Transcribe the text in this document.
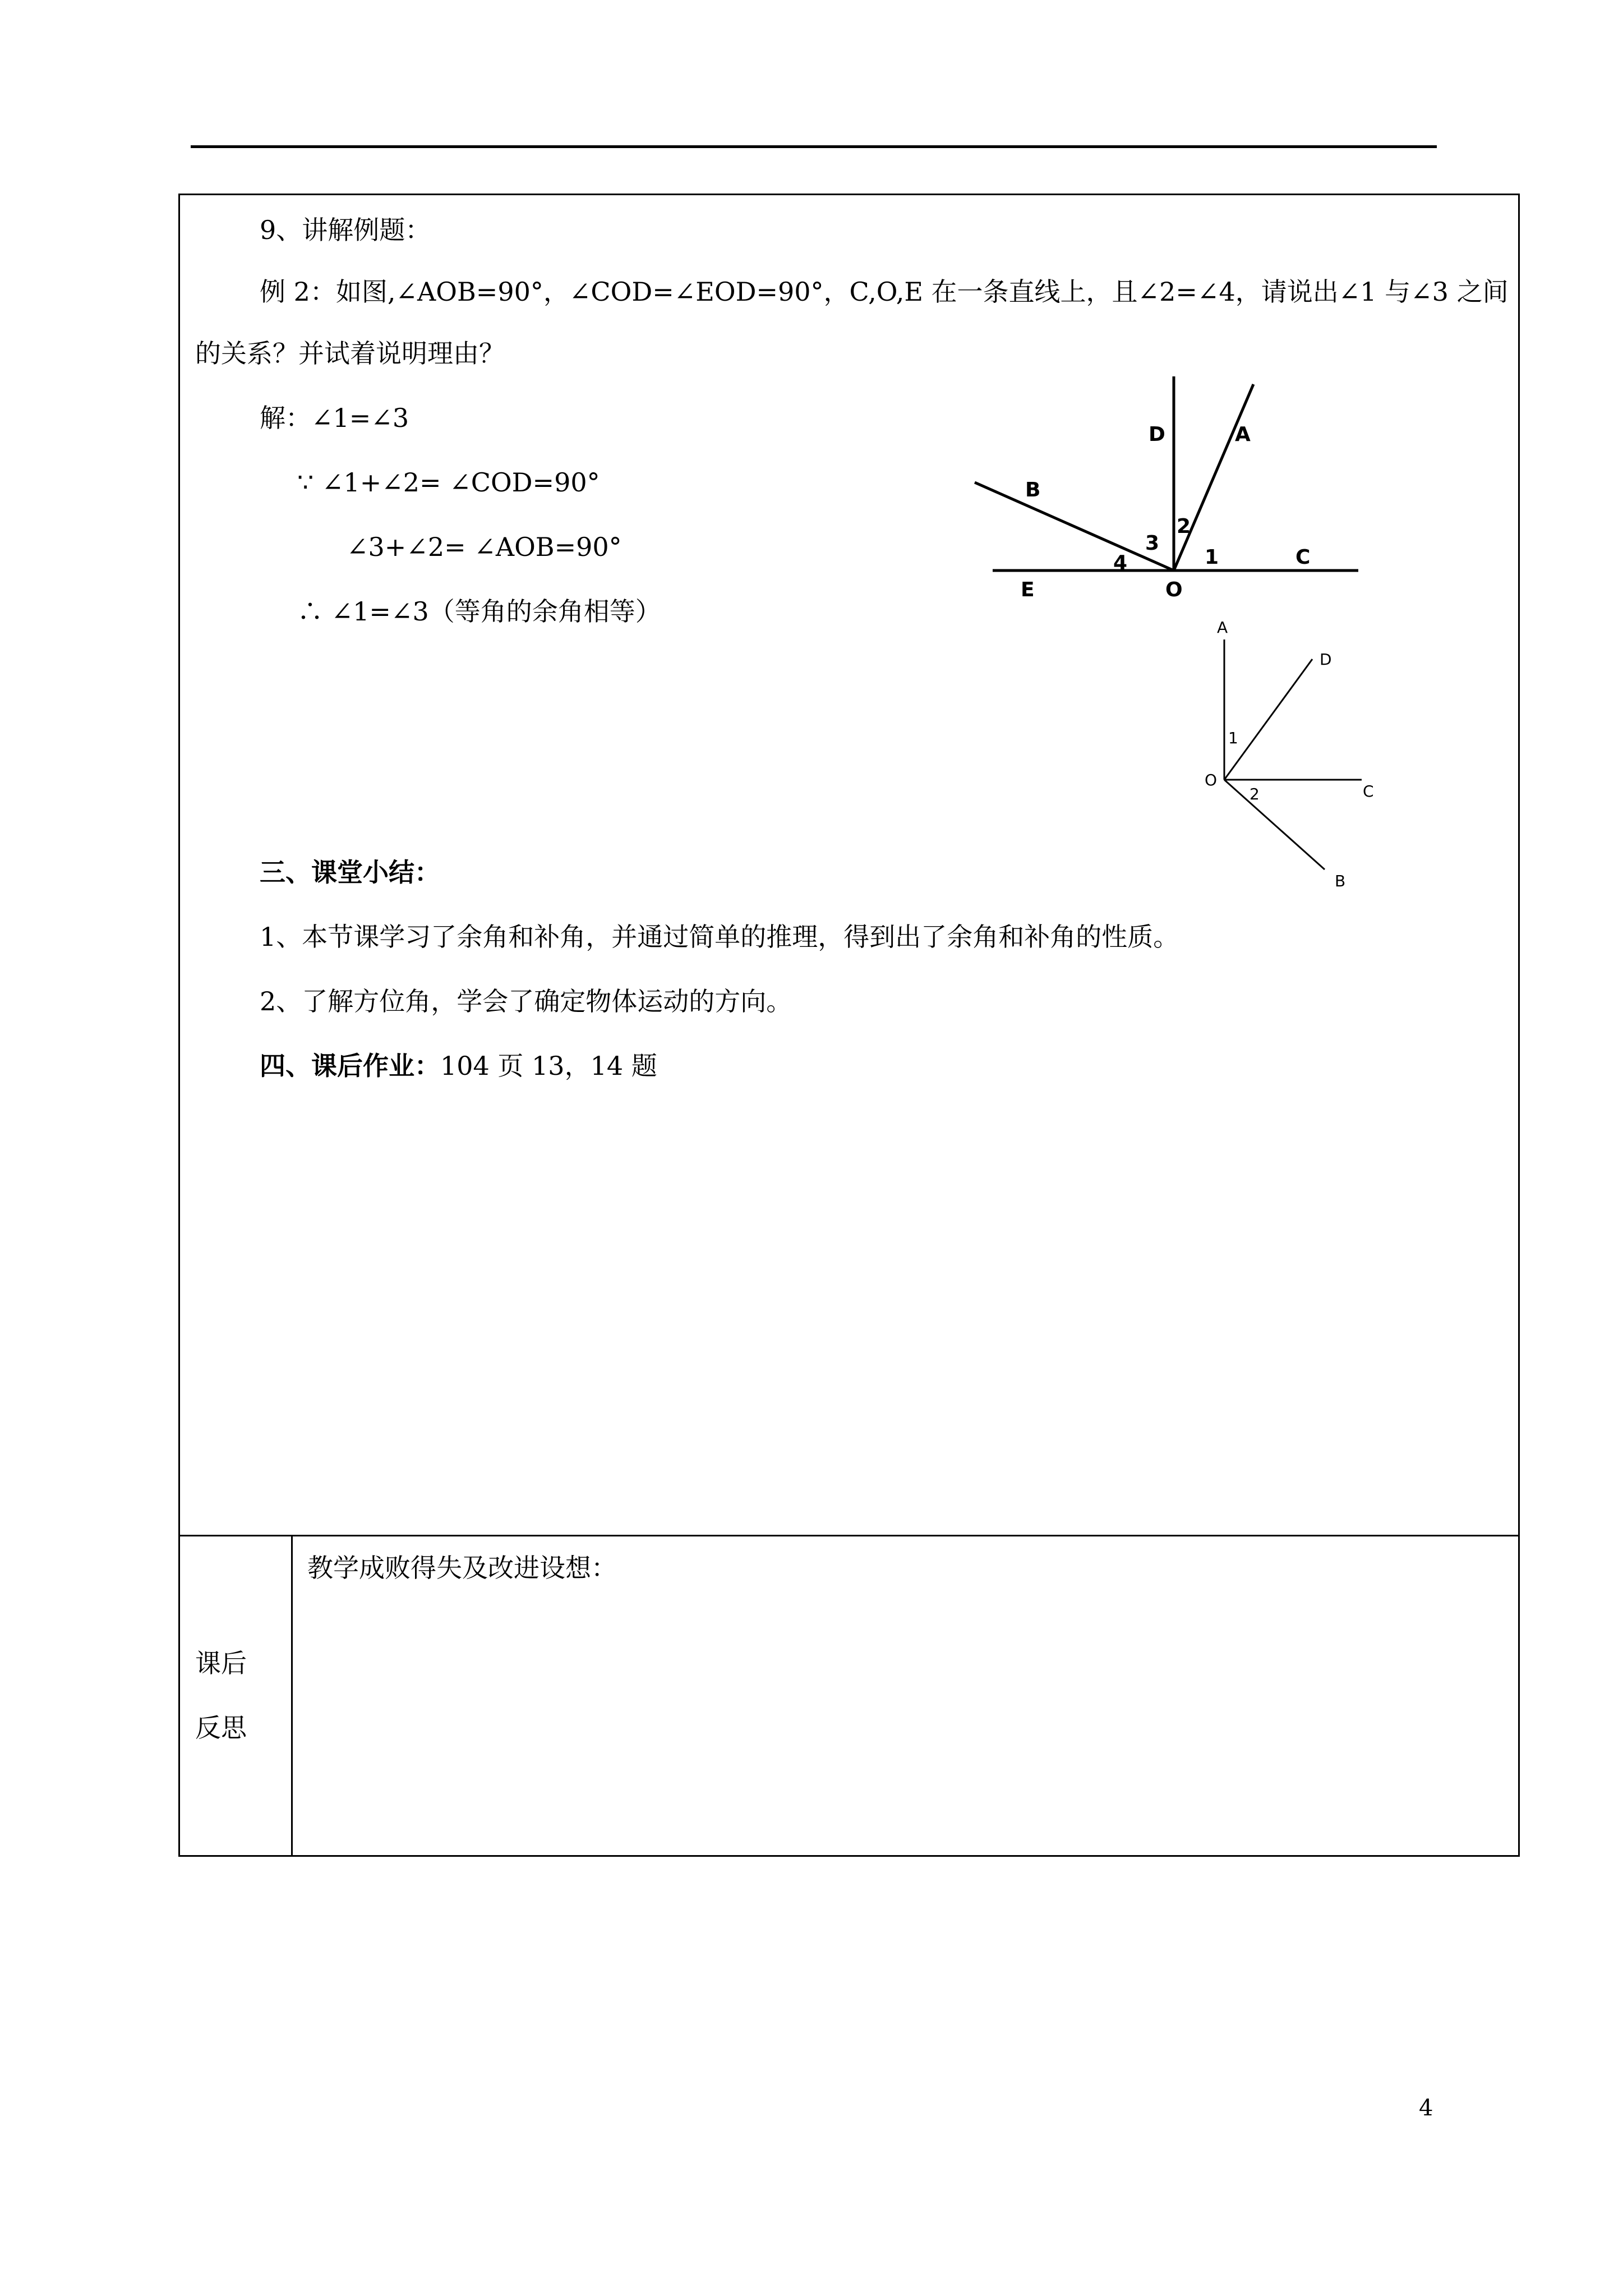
9、讲解例题：
例 2：如图,∠AOB=90°，∠COD=∠EOD=90°，C,O,E 在一条直线上，且∠2=∠4，请说出∠1 与∠3 之间
的关系？并试着说明理由？
解：∠1=∠3
∵ ∠1+∠2= ∠COD=90°
∠3+∠2= ∠AOB=90°
∴ ∠1=∠3（等角的余角相等）
D	A
B
E	O
C
1
2
3
4
A
D
C
B
O
1
2
三、课堂小结：
1、本节课学习了余角和补角，并通过简单的推理，得到出了余角和补角的性质。
2、了解方位角，学会了确定物体运动的方向。
四、课后作业：104 页 13，14 题
课后
反思
教学成败得失及改进设想：
4
